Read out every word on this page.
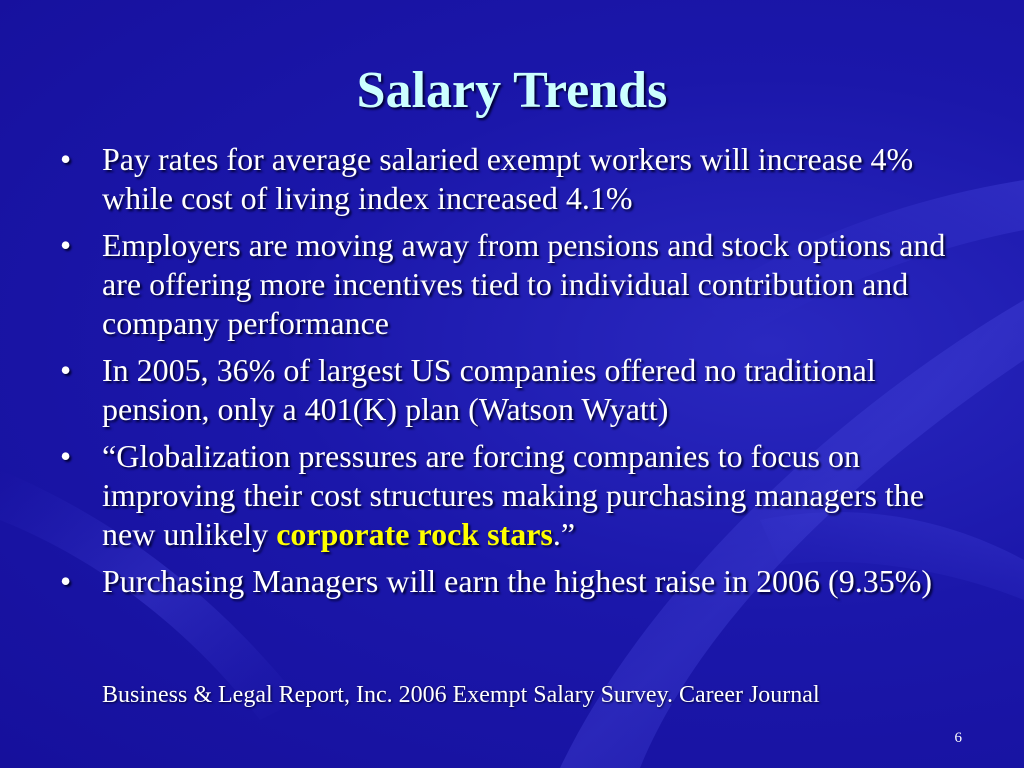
Salary Trends
• Pay rates for average salaried exempt workers will increase 4% while cost of living index increased 4.1%
• Employers are moving away from pensions and stock options and are offering more incentives tied to individual contribution and company performance
• In 2005, 36% of largest US companies offered no traditional pension, only a 401(K) plan (Watson Wyatt)
• “Globalization pressures are forcing companies to focus on improving their cost structures making purchasing managers the new unlikely corporate rock stars.”
• Purchasing Managers will earn the highest raise in 2006 (9.35%)
Business & Legal Report, Inc. 2006 Exempt Salary Survey. Career Journal
6
